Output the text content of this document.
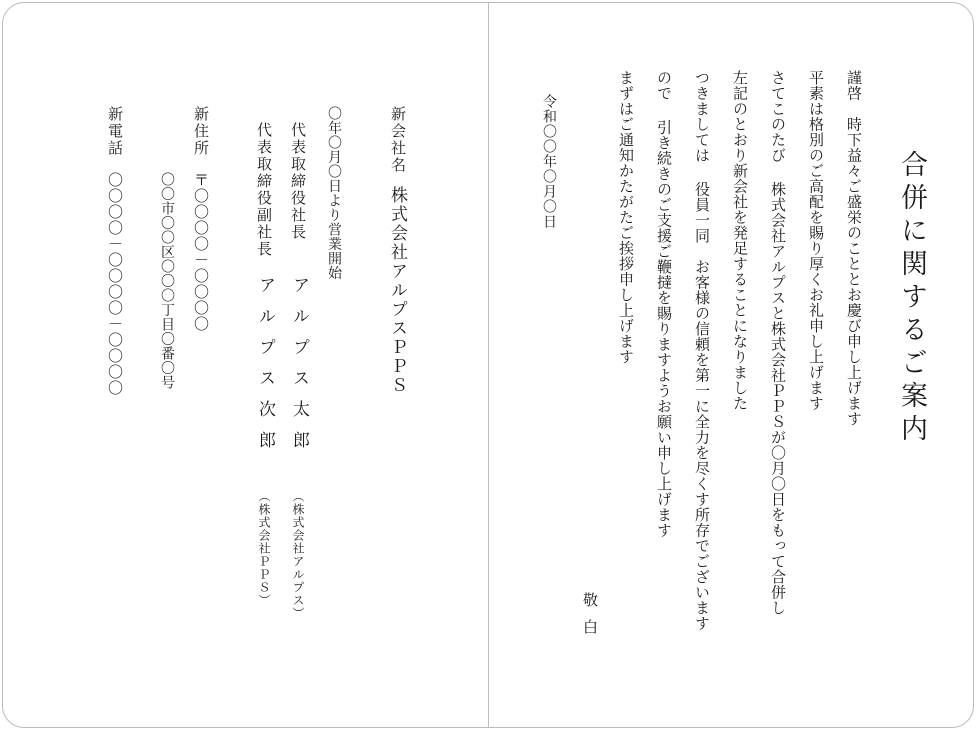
合併に関するご案内
謹啓　時下益々ご盛栄のこととお慶び申し上げます
平素は格別のご高配を賜り厚くお礼申し上げます
さてこのたび 株式会社アルプスと株式会社ＰＰＳが〇月〇日をもって合併し
左記のとおり新会社を発足することになりました
つきましては 役員一同　お客様の信頼を第一に全力を尽くす所存でございます
ので 引き続きのご支援ご鞭撻を賜りますようお願い申し上げます
まずはご通知かたがたご挨拶申し上げます
敬白
令和〇〇年〇月〇日
新会社名
株式会社アルプスＰＰＳ
〇年〇月〇日より営業開始
代表取締役社長
アルプス太郎
（株式会社アルプス）
代表取締役副社長
アルプス次郎
（株式会社ＰＰＳ）
新住所
〒〇〇〇〇－〇〇〇〇
〇〇市〇〇区〇〇〇丁目〇番〇号
新電話
〇〇〇〇－〇〇〇〇－〇〇〇〇
